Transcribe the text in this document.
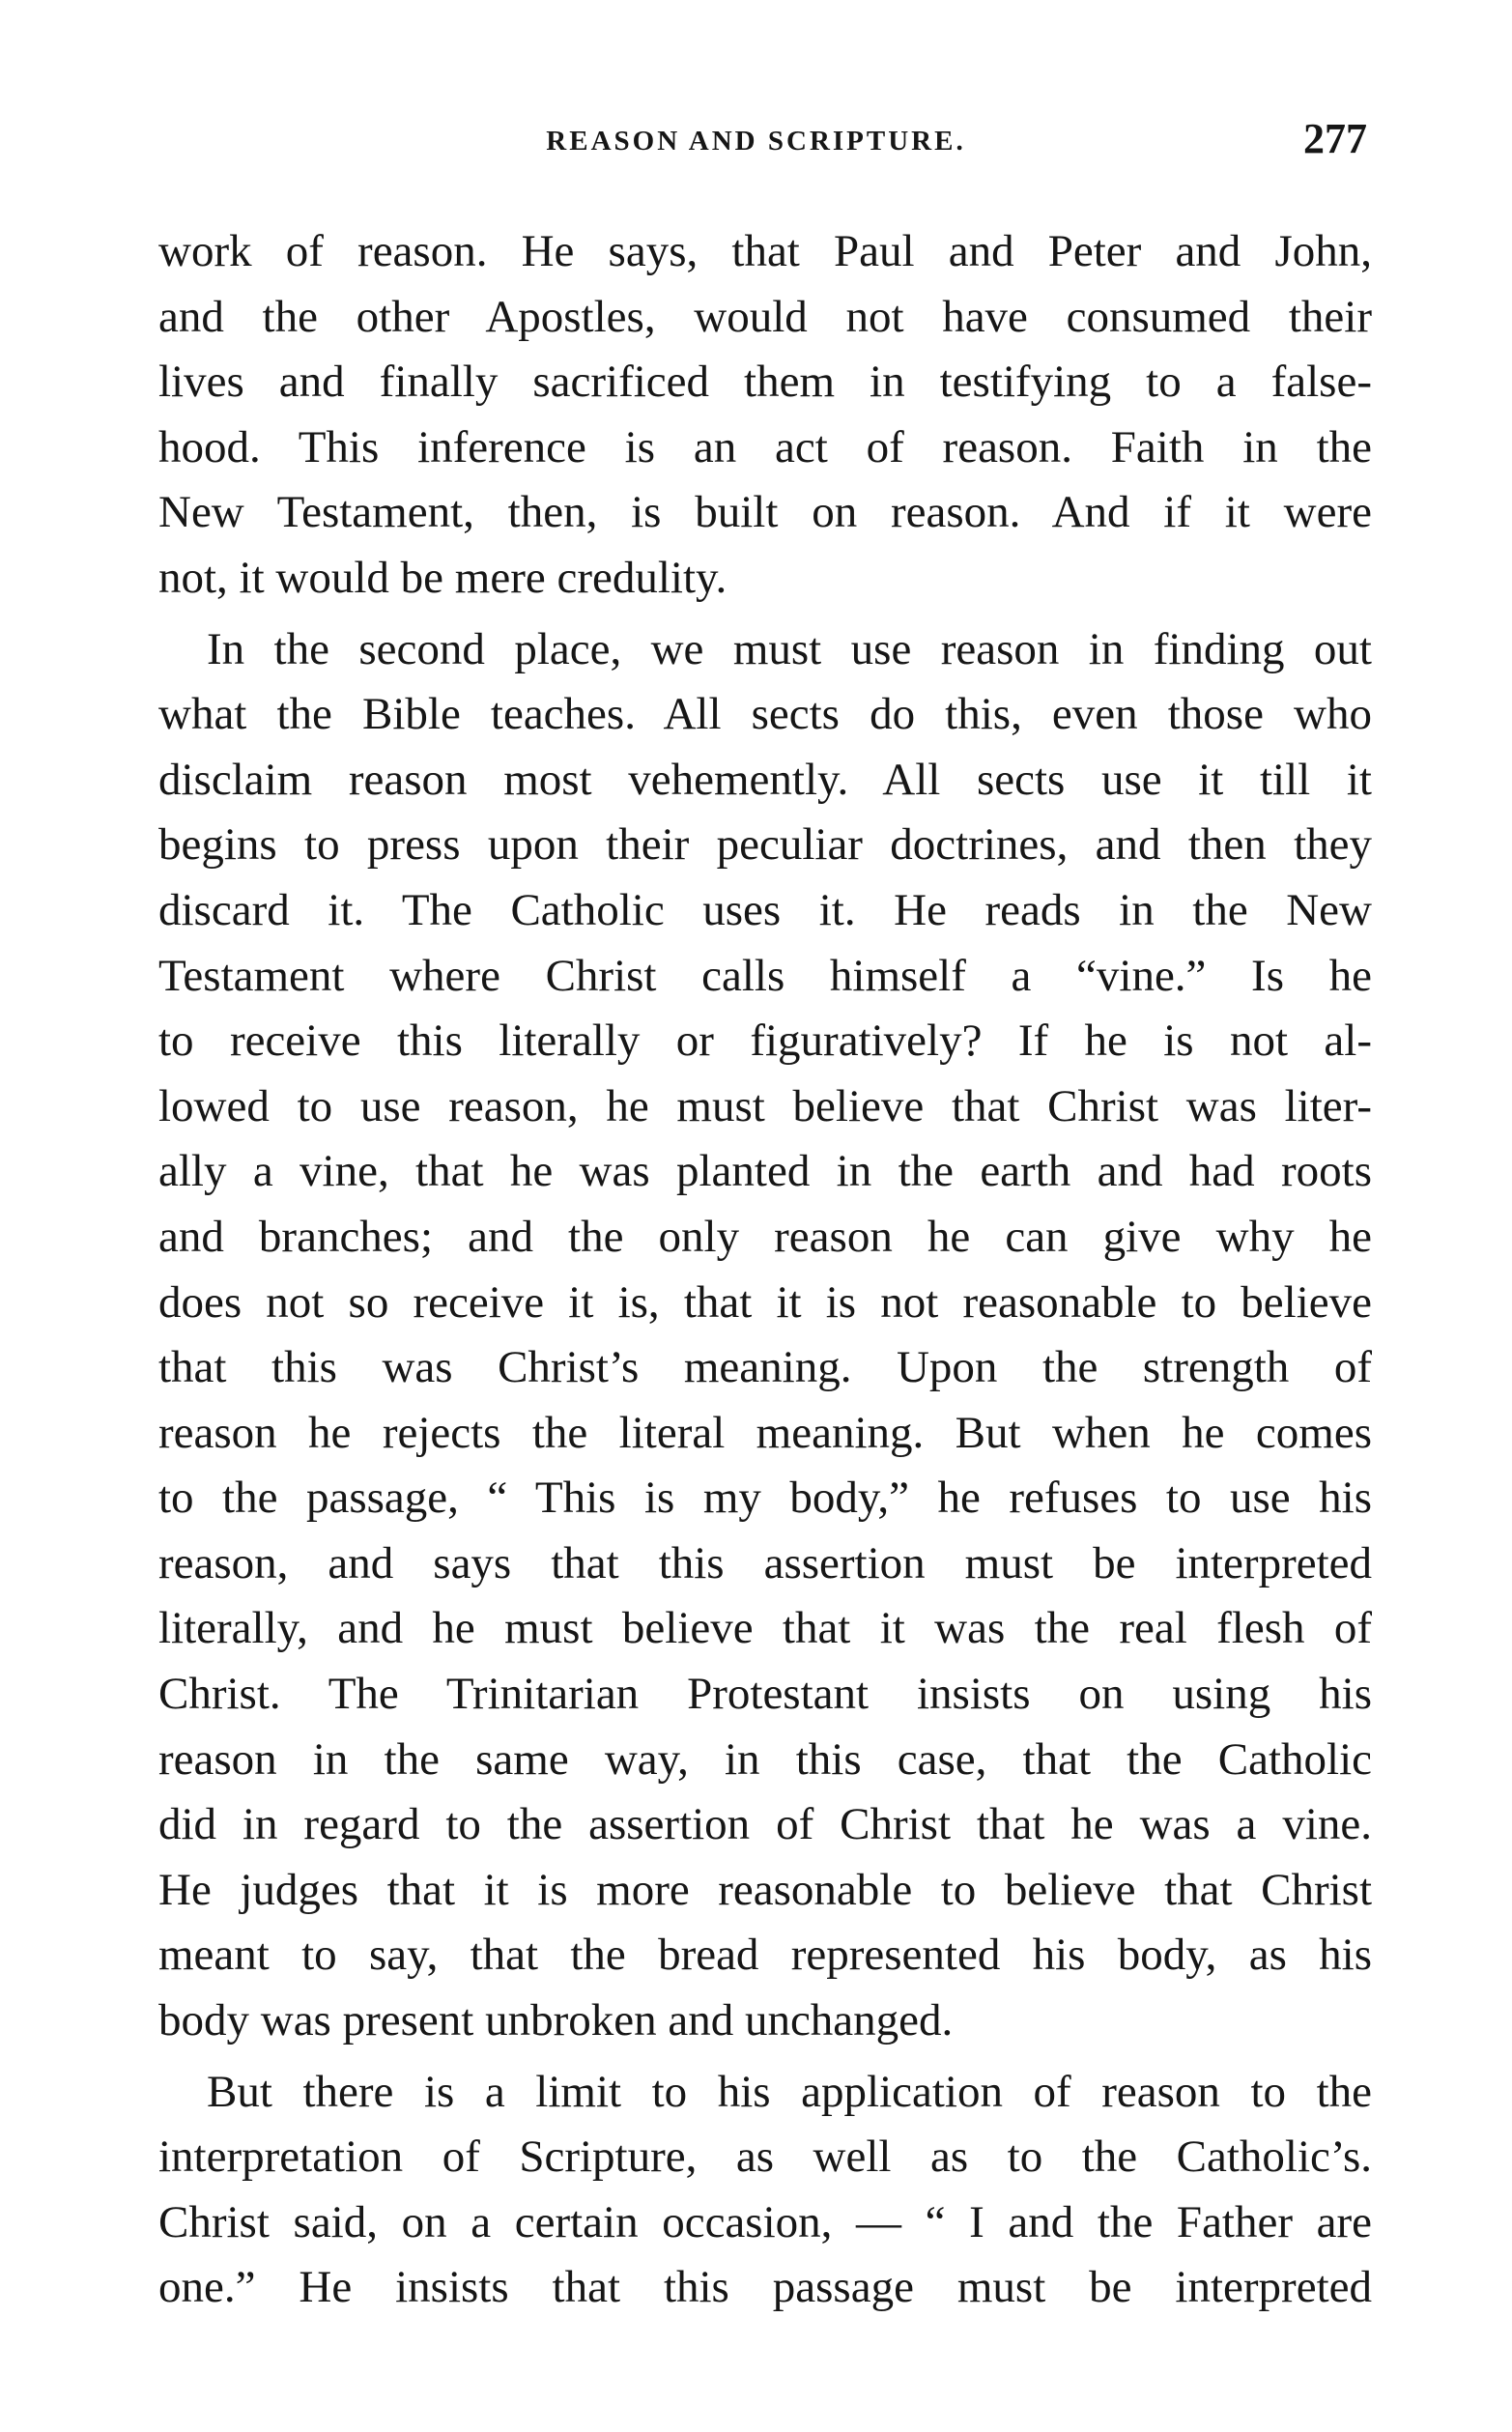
REASON AND SCRIPTURE.	277
work of reason. He says, that Paul and Peter and John,
and the other Apostles, would not have consumed their
lives and finally sacrificed them in testifying to a false-
hood. This inference is an act of reason. Faith in the
New Testament, then, is built on reason. And if it were
not, it would be mere credulity.
In the second place, we must use reason in finding out
what the Bible teaches. All sects do this, even those who
disclaim reason most vehemently. All sects use it till it
begins to press upon their peculiar doctrines, and then they
discard it. The Catholic uses it. He reads in the New
Testament where Christ calls himself a “vine.” Is he
to receive this literally or figuratively? If he is not al-
lowed to use reason, he must believe that Christ was liter-
ally a vine, that he was planted in the earth and had roots
and branches; and the only reason he can give why he
does not so receive it is, that it is not reasonable to believe
that this was Christ’s meaning. Upon the strength of
reason he rejects the literal meaning. But when he comes
to the passage, “ This is my body,” he refuses to use his
reason, and says that this assertion must be interpreted
literally, and he must believe that it was the real flesh of
Christ. The Trinitarian Protestant insists on using his
reason in the same way, in this case, that the Catholic
did in regard to the assertion of Christ that he was a vine.
He judges that it is more reasonable to believe that Christ
meant to say, that the bread represented his body, as his
body was present unbroken and unchanged.
But there is a limit to his application of reason to the
interpretation of Scripture, as well as to the Catholic’s.
Christ said, on a certain occasion, — “ I and the Father are
one.” He insists that this passage must be interpreted
